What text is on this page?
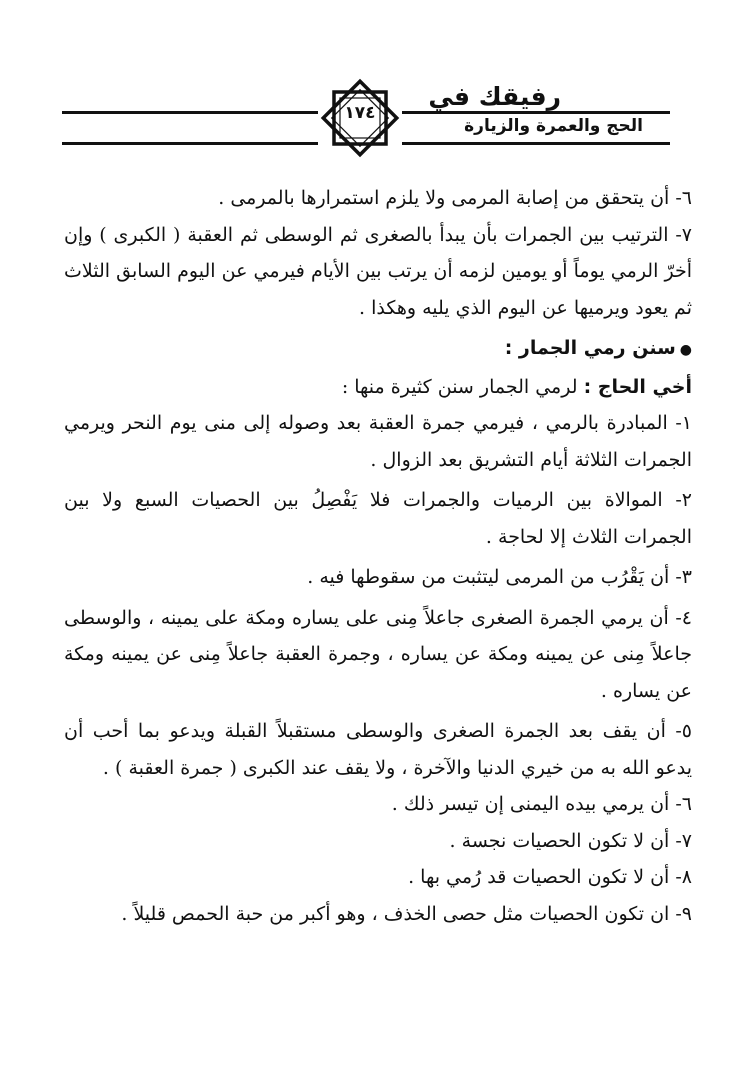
رفيقك في
الحج والعمرة والزيارة
١٧٤

٦- أن يتحقق من إصابة المرمى ولا يلزم استمرارها بالمرمى .

٧- الترتيب بين الجمرات بأن يبدأ بالصغرى ثم الوسطى ثم العقبة ( الكبرى ) وإن أخرّ الرمي يوماً أو يومين لزمه أن يرتب بين الأيام فيرمي عن اليوم السابق الثلاث ثم يعود ويرميها عن اليوم الذي يليه وهكذا .

●سنن رمي الجمار :

أخي الحاج : لرمي الجمار سنن كثيرة منها :

١- المبادرة بالرمي ، فيرمي جمرة العقبة بعد وصوله إلى منى يوم النحر ويرمي الجمرات الثلاثة أيام التشريق بعد الزوال .

٢- الموالاة بين الرميات والجمرات فلا يَفْصِلُ بين الحصيات السبع ولا بين الجمرات الثلاث إلا لحاجة .

٣- أن يَقْرُب من المرمى ليتثبت من سقوطها فيه .

٤- أن يرمي الجمرة الصغرى جاعلاً مِنى على يساره ومكة على يمينه ، والوسطى جاعلاً مِنى عن يمينه ومكة عن يساره ، وجمرة العقبة جاعلاً مِنى عن يمينه ومكة عن يساره .

٥- أن يقف بعد الجمرة الصغرى والوسطى مستقبلاً القبلة ويدعو بما أحب أن يدعو الله به من خيري الدنيا والآخرة ، ولا يقف عند الكبرى ( جمرة العقبة ) .

٦- أن يرمي بيده اليمنى إن تيسر ذلك .

٧- أن لا تكون الحصيات نجسة .

٨- أن لا تكون الحصيات قد رُمي بها .

٩- ان تكون الحصيات مثل حصى الخذف ، وهو أكبر من حبة الحمص قليلاً .
